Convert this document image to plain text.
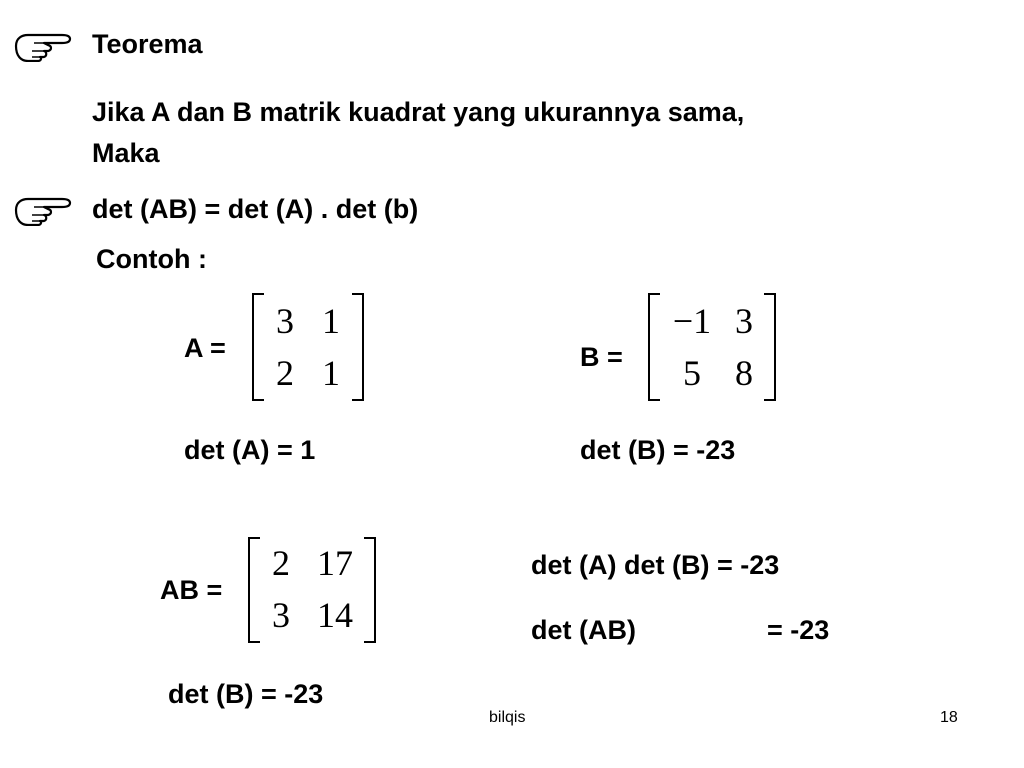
Teorema
Jika A dan B matrik kuadrat yang ukurannya sama,
Maka
det (AB) = det (A) . det (b)
Contoh :
A =
3 1
2 1
det (A) = 1
B =
−1 3
5 8
det (B) = -23
AB =
2 17
3 14
det (B) = -23
det (A) det (B) = -23
det (AB)	= -23
bilqis	18
